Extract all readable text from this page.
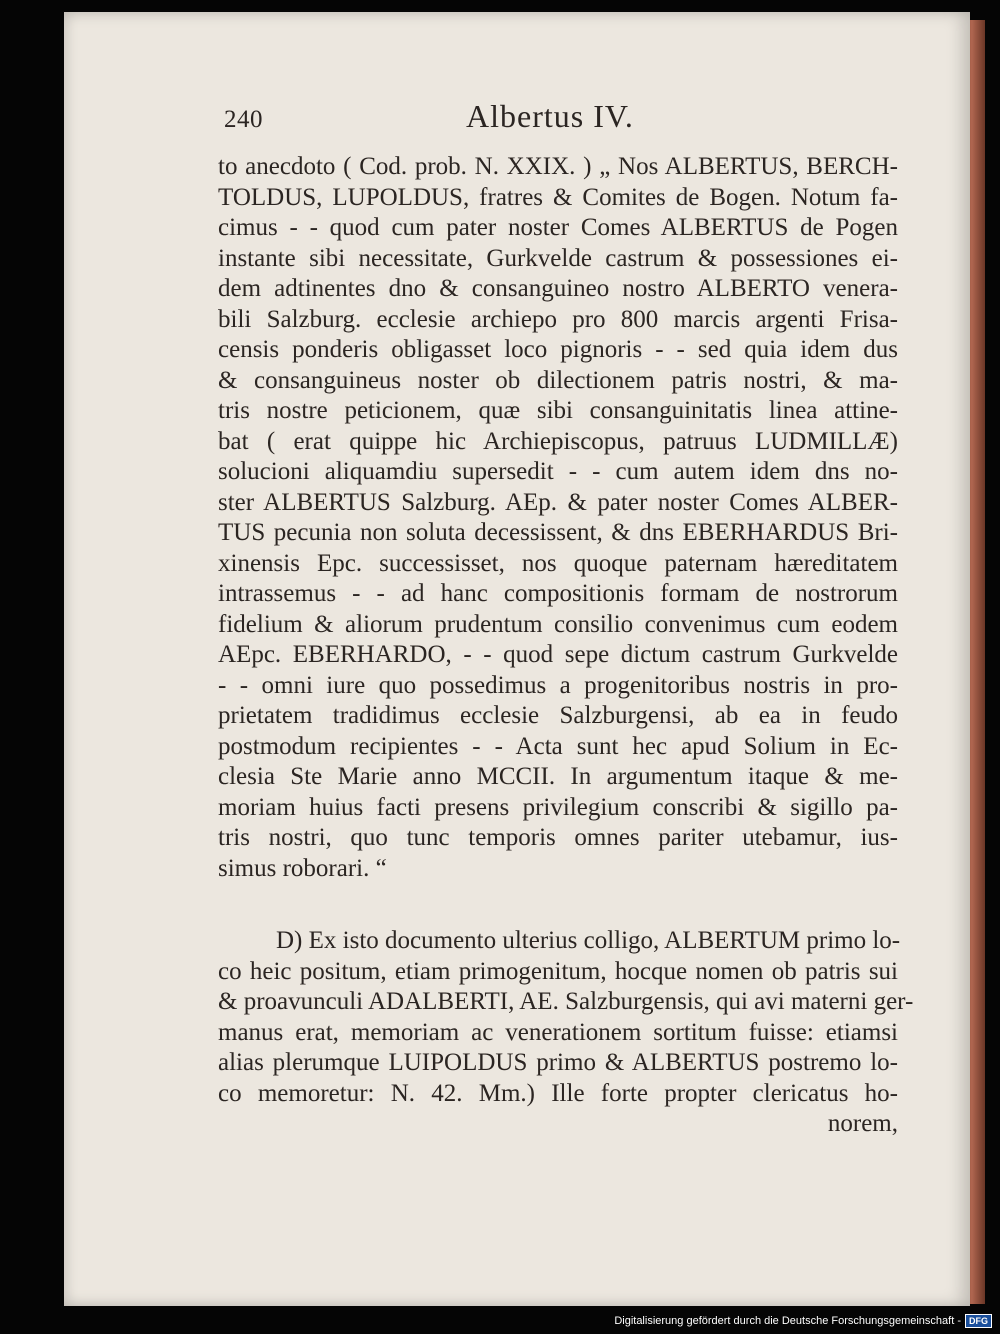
240	Albertus IV.
to anecdoto ( Cod. prob. N. XXIX. ) „ Nos ALBERTUS, BERCH-
TOLDUS, LUPOLDUS, fratres & Comites de Bogen. Notum fa-
cimus - - quod cum pater noster Comes ALBERTUS de Pogen
instante sibi necessitate, Gurkvelde castrum & possessiones ei-
dem adtinentes dno & consanguineo nostro ALBERTO venera-
bili Salzburg. ecclesie archiepo pro 800 marcis argenti Frisa-
censis ponderis obligasset loco pignoris - - sed quia idem dus
& consanguineus noster ob dilectionem patris nostri, & ma-
tris nostre peticionem, quæ sibi consanguinitatis linea attine-
bat ( erat quippe hic Archiepiscopus, patruus LUDMILLÆ)
solucioni aliquamdiu supersedit - - cum autem idem dns no-
ster ALBERTUS Salzburg. AEp. & pater noster Comes ALBER-
TUS pecunia non soluta decessissent, & dns EBERHARDUS Bri-
xinensis Epc. successisset, nos quoque paternam hæreditatem
intrassemus - - ad hanc compositionis formam de nostrorum
fidelium & aliorum prudentum consilio convenimus cum eodem
AEpc. EBERHARDO, - - quod sepe dictum castrum Gurkvelde
- - omni iure quo possedimus a progenitoribus nostris in pro-
prietatem tradidimus ecclesie Salzburgensi, ab ea in feudo
postmodum recipientes - - Acta sunt hec apud Solium in Ec-
clesia Ste Marie anno MCCII. In argumentum itaque & me-
moriam huius facti presens privilegium conscribi & sigillo pa-
tris nostri, quo tunc temporis omnes pariter utebamur, ius-
simus roborari. “
D) Ex isto documento ulterius colligo, ALBERTUM primo lo-
co heic positum, etiam primogenitum, hocque nomen ob patris sui
& proavunculi ADALBERTI, AE. Salzburgensis, qui avi materni ger-
manus erat, memoriam ac venerationem sortitum fuisse: etiamsi
alias plerumque LUIPOLDUS primo & ALBERTUS postremo lo-
co memoretur: N. 42. Mm.) Ille forte propter clericatus ho-
norem,
Digitalisierung gefördert durch die Deutsche Forschungsgemeinschaft - DFG
